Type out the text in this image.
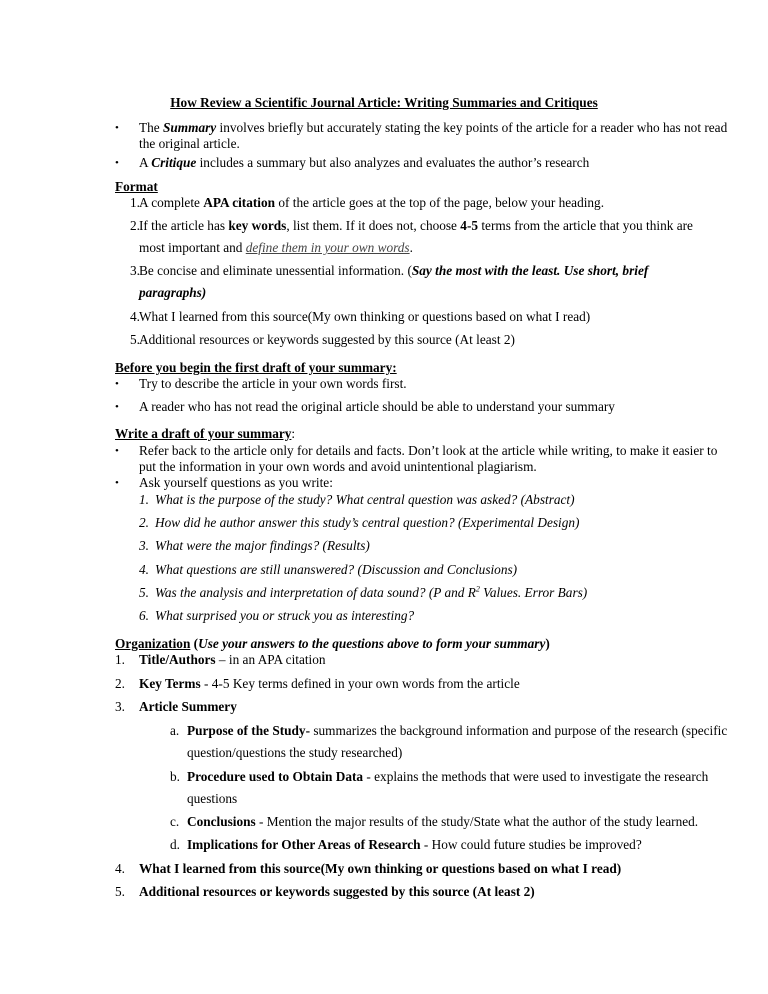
How Review a Scientific Journal Article: Writing Summaries and Critiques
• The Summary involves briefly but accurately stating the key points of the article for a reader who has not read
the original article.
• A Critique includes a summary but also analyzes and evaluates the author’s research
Format
1. A complete APA citation of the article goes at the top of the page, below your heading.
2. If the article has key words, list them. If it does not, choose 4-5 terms from the article that you think are
most important and define them in your own words.
3. Be concise and eliminate unessential information. (Say the most with the least. Use short, brief
paragraphs)
4. What I learned from this source(My own thinking or questions based on what I read)
5. Additional resources or keywords suggested by this source (At least 2)
Before you begin the first draft of your summary:
• Try to describe the article in your own words first.
• A reader who has not read the original article should be able to understand your summary
Write a draft of your summary:
• Refer back to the article only for details and facts. Don’t look at the article while writing, to make it easier to
put the information in your own words and avoid unintentional plagiarism.
• Ask yourself questions as you write:
1. What is the purpose of the study? What central question was asked? (Abstract)
2. How did he author answer this study’s central question? (Experimental Design)
3. What were the major findings? (Results)
4. What questions are still unanswered? (Discussion and Conclusions)
5. Was the analysis and interpretation of data sound? (P and $R^2$ Values. Error Bars)
6. What surprised you or struck you as interesting?
Organization (Use your answers to the questions above to form your summary)
1. Title/Authors – in an APA citation
2. Key Terms - 4-5 Key terms defined in your own words from the article
3. Article Summery
a. Purpose of the Study- summarizes the background information and purpose of the research (specific
question/questions the study researched)
b. Procedure used to Obtain Data - explains the methods that were used to investigate the research
questions
c. Conclusions - Mention the major results of the study/State what the author of the study learned.
d. Implications for Other Areas of Research - How could future studies be improved?
4. What I learned from this source(My own thinking or questions based on what I read)
5. Additional resources or keywords suggested by this source (At least 2)
